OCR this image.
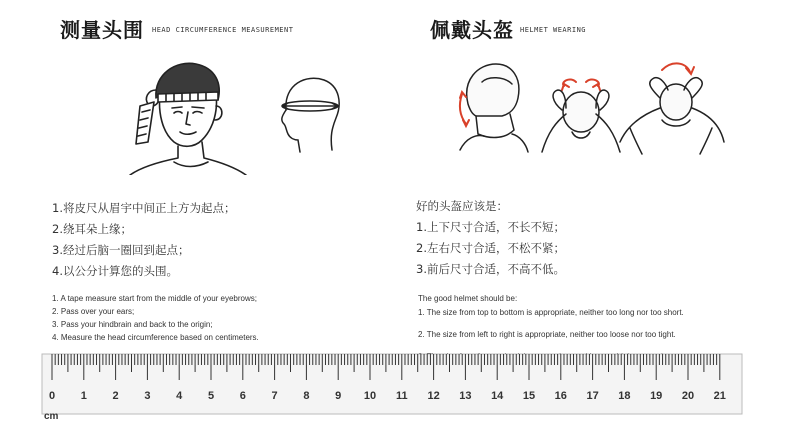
测量头围 HEAD CIRCUMFERENCE MEASUREMENT	佩戴头盔 HELMET WEARING
1.将皮尺从眉宇中间正上方为起点；
2.绕耳朵上缘；
3.经过后脑一圈回到起点；
4.以公分计算您的头围。
好的头盔应该是：
1.上下尺寸合适，不长不短；
2.左右尺寸合适，不松不紧；
3.前后尺寸合适，不高不低。
1. A tape measure start from the middle of your eyebrows;
2. Pass over your ears;
3. Pass your hindbrain and back to the origin;
4. Measure the head circumference based on centimeters.
The good helmet should be:
1. The size from top to bottom is appropriate, neither too long nor too short.
2. The size from left to right is appropriate, neither too loose nor too tight.
0 1 2 3 4 5 6 7 8 9 10 11 12 13 14 15 16 17 18 19 20 21
cm
